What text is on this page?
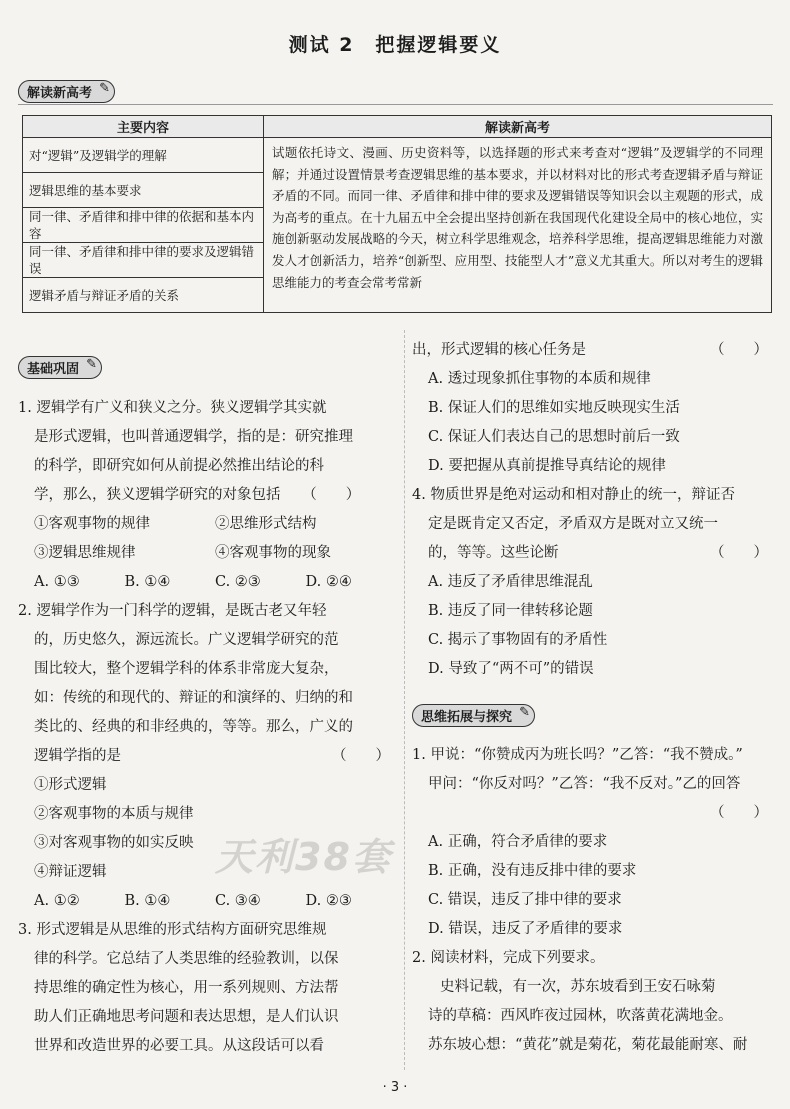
测试 2　把握逻辑要义
解读新高考 ✎
主要内容	解读新高考
对“逻辑”及逻辑学的理解	试题依托诗文、漫画、历史资料等，以选择题的形式来考查对“逻辑”及逻辑学的不同理解；并通过设置情景考查逻辑思维的基本要求，并以材料对比的形式考查逻辑矛盾与辩证矛盾的不同。而同一律、矛盾律和排中律的要求及逻辑错误等知识会以主观题的形式，成为高考的重点。在十九届五中全会提出坚持创新在我国现代化建设全局中的核心地位，实施创新驱动发展战略的今天，树立科学思维观念，培养科学思维，提高逻辑思维能力对激发人才创新活力，培养“创新型、应用型、技能型人才”意义尤其重大。所以对考生的逻辑思维能力的考查会常考常新
逻辑思维的基本要求	
同一律、矛盾律和排中律的依据和基本内容	
同一律、矛盾律和排中律的要求及逻辑错误	
逻辑矛盾与辩证矛盾的关系	
基础巩固 ✎

1. 逻辑学有广义和狭义之分。狭义逻辑学其实就

是形式逻辑，也叫普通逻辑学，指的是：研究推理

的科学，即研究如何从前提必然推出结论的科

学，那么，狭义逻辑学研究的对象包括　　（　　）

①客观事物的规律	②思维形式结构
③逻辑思维规律	④客观事物的现象
A. ①③	B. ①④	C. ②③	D. ②④

2. 逻辑学作为一门科学的逻辑，是既古老又年轻

的，历史悠久，源远流长。广义逻辑学研究的范

围比较大，整个逻辑学科的体系非常庞大复杂，

如：传统的和现代的、辩证的和演绎的、归纳的和

类比的、经典的和非经典的，等等。那么，广义的

逻辑学指的是	（　　）

①形式逻辑

②客观事物的本质与规律

③对客观事物的如实反映

④辩证逻辑

A. ①②	B. ①④	C. ③④	D. ②③

3. 形式逻辑是从思维的形式结构方面研究思维规

律的科学。它总结了人类思维的经验教训，以保

持思维的确定性为核心，用一系列规则、方法帮

助人们正确地思考问题和表达思想，是人们认识

世界和改造世界的必要工具。从这段话可以看

出，形式逻辑的核心任务是	（　　）

A. 透过现象抓住事物的本质和规律

B. 保证人们的思维如实地反映现实生活

C. 保证人们表达自己的思想时前后一致

D. 要把握从真前提推导真结论的规律

4. 物质世界是绝对运动和相对静止的统一，辩证否

定是既肯定又否定，矛盾双方是既对立又统一

的，等等。这些论断	（　　）

A. 违反了矛盾律思维混乱

B. 违反了同一律转移论题

C. 揭示了事物固有的矛盾性

D. 导致了“两不可”的错误

思维拓展与探究 ✎

1. 甲说：“你赞成丙为班长吗？”乙答：“我不赞成。”

甲问：“你反对吗？”乙答：“我不反对。”乙的回答

（　　）

A. 正确，符合矛盾律的要求

B. 正确，没有违反排中律的要求

C. 错误，违反了排中律的要求

D. 错误，违反了矛盾律的要求

2. 阅读材料，完成下列要求。

史料记载，有一次，苏东坡看到王安石咏菊

诗的草稿：西风昨夜过园林，吹落黄花满地金。

苏东坡心想：“黄花”就是菊花，菊花最能耐寒、耐

天利38套
· 3 ·
